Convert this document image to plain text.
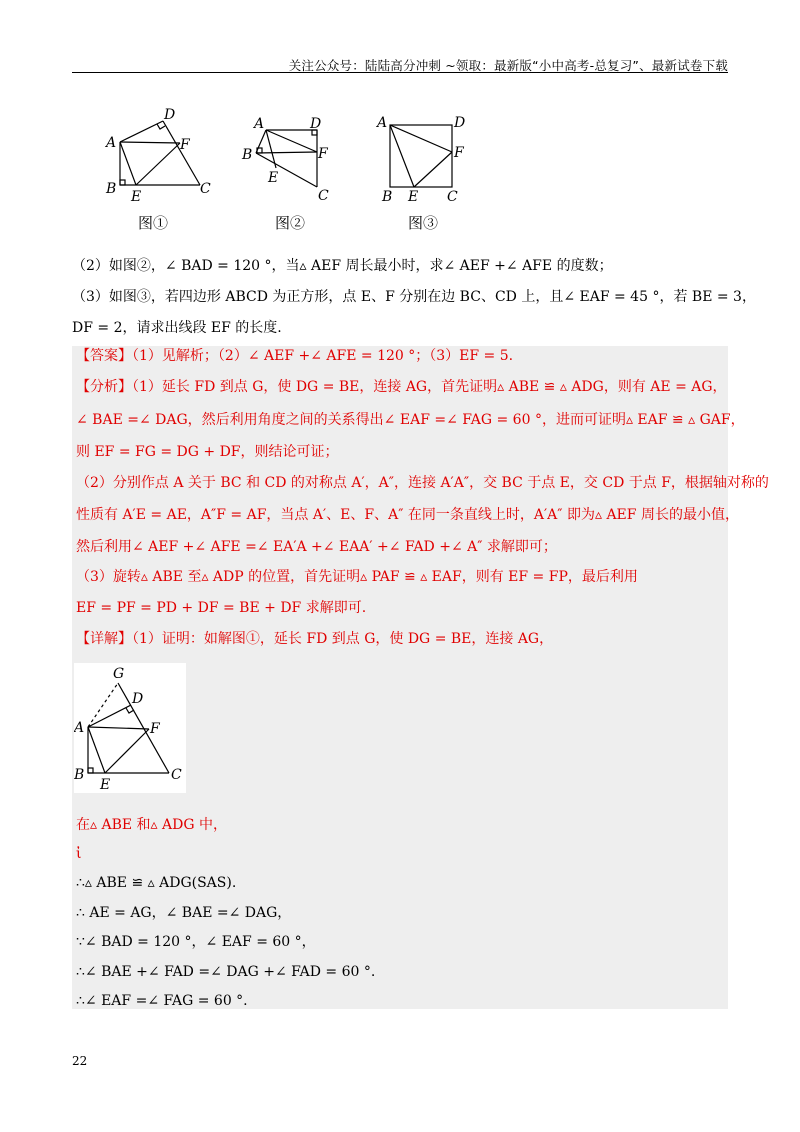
关注公众号：陆陆高分冲刺 ~领取：最新版“小中高考-总复习”、最新试卷下载
A
D
F
B E	C
图①
A	D
B	F
E
C
图②
A	D
F
B E C
图③
（2）如图②，∠ BAD = 120 °，当▵ AEF 周长最小时，求∠ AEF +∠ AFE 的度数；
（3）如图③，若四边形 ABCD 为正方形，点 E、F 分别在边 BC、CD 上，且∠ EAF = 45 °，若 BE = 3，
DF = 2，请求出线段 EF 的长度.
【答案】（1）见解析；（2）∠ AEF +∠ AFE = 120 °；（3）EF = 5.
【分析】（1）延长 FD 到点 G，使 DG = BE，连接 AG，首先证明▵ ABE ≌ ▵ ADG，则有 AE = AG，
∠ BAE =∠ DAG，然后利用角度之间的关系得出∠ EAF =∠ FAG = 60 °，进而可证明▵ EAF ≌ ▵ GAF，
则 EF = FG = DG + DF，则结论可证；
（2）分别作点 A 关于 BC 和 CD 的对称点 A′，A″，连接 A′A″，交 BC 于点 E，交 CD 于点 F，根据轴对称的
性质有 A′E = AE，A″F = AF，当点 A′、E、F、A″ 在同一条直线上时，A′A″ 即为▵ AEF 周长的最小值，
然后利用∠ AEF +∠ AFE =∠ EA′A +∠ EAA′ +∠ FAD +∠ A″ 求解即可；
（3）旋转▵ ABE 至▵ ADP 的位置，首先证明▵ PAF ≌ ▵ EAF，则有 EF = FP，最后利用
EF = PF = PD + DF = BE + DF 求解即可.
【详解】（1）证明：如解图①，延长 FD 到点 G，使 DG = BE，连接 AG，
G
D
A	F
B
E
C
在▵ ABE 和▵ ADG 中，
ἰ
∴▵ ABE ≌ ▵ ADG(SAS).
∴ AE = AG，∠ BAE =∠ DAG，
∵∠ BAD = 120 °，∠ EAF = 60 °，
∴∠ BAE +∠ FAD =∠ DAG +∠ FAD = 60 °.
∴∠ EAF =∠ FAG = 60 °.
22
